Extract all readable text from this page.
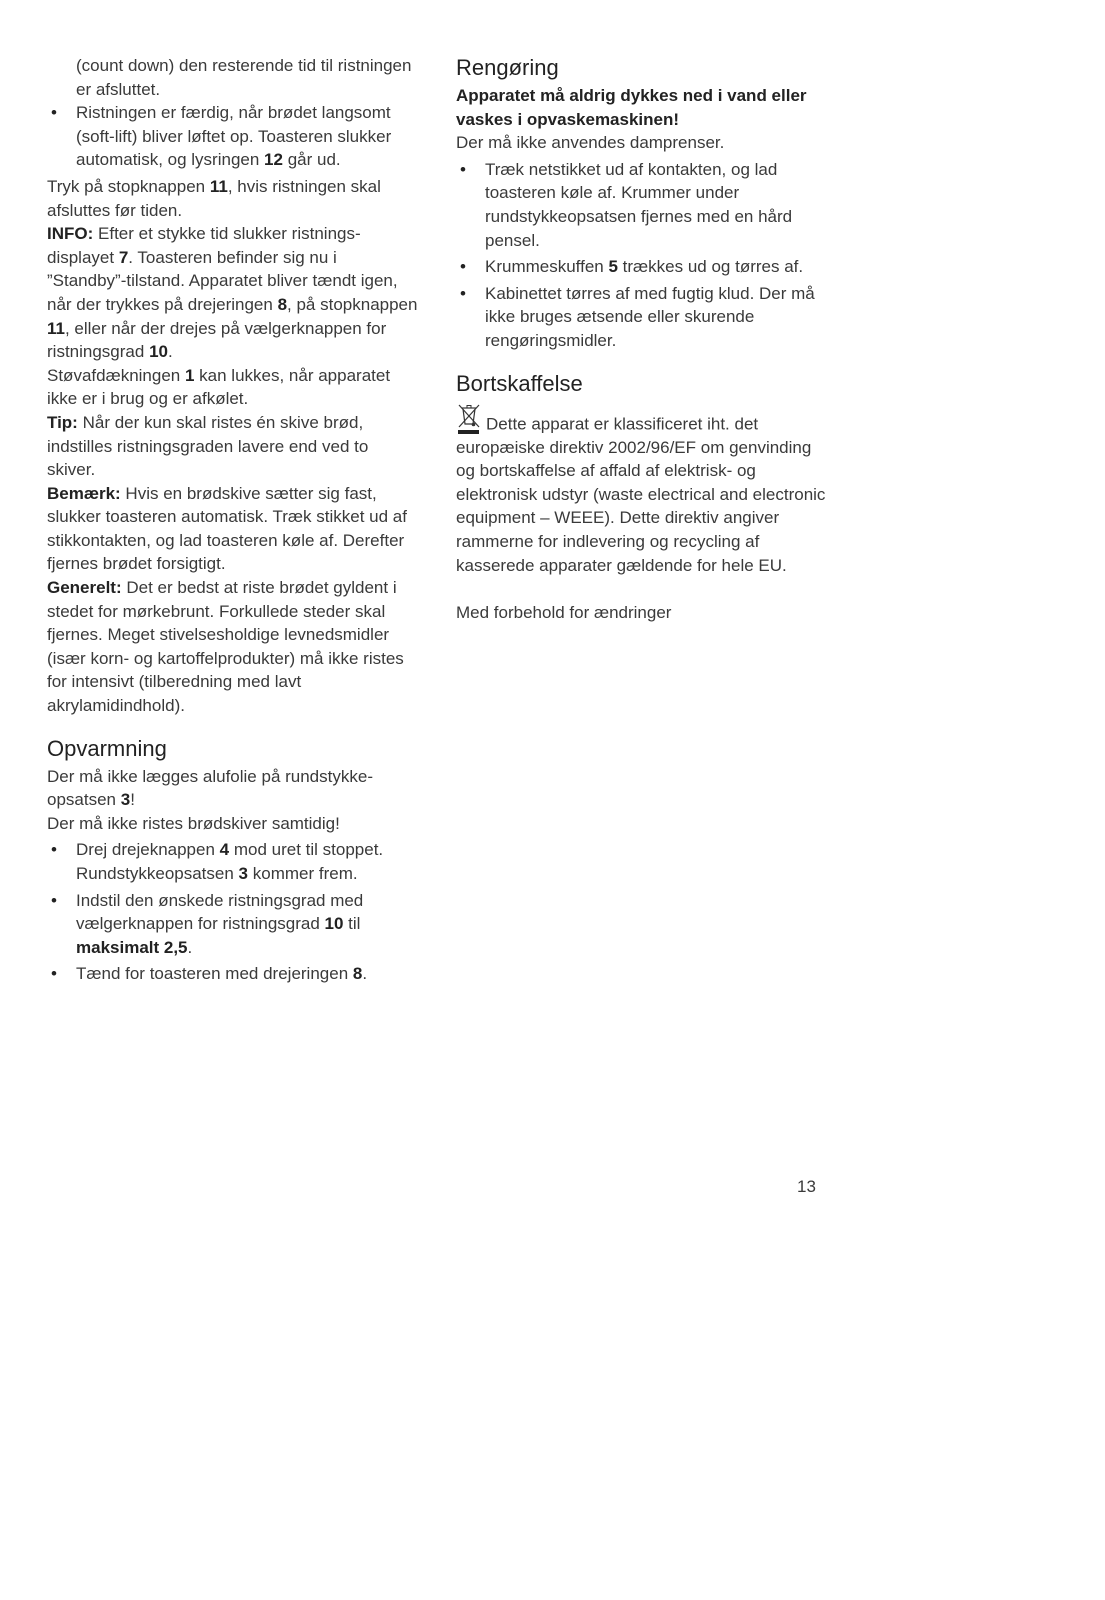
(count down) den resterende tid til ristningen er afsluttet.

• Ristningen er færdig, når brødet langsomt (soft-lift) bliver løftet op. Toasteren slukker automatisk, og lysringen 12 går ud.

Tryk på stopknappen 11, hvis ristningen skal afsluttes før tiden.

INFO: Efter et stykke tid slukker ristnings-displayet 7. Toasteren befinder sig nu i ”Standby”-tilstand. Apparatet bliver tændt igen, når der trykkes på drejeringen 8, på stopknappen 11, eller når der drejes på vælgerknappen for ristningsgrad 10.

Støvafdækningen 1 kan lukkes, når apparatet ikke er i brug og er afkølet.

Tip: Når der kun skal ristes én skive brød, indstilles ristningsgraden lavere end ved to skiver.

Bemærk: Hvis en brødskive sætter sig fast, slukker toasteren automatisk. Træk stikket ud af stikkontakten, og lad toasteren køle af. Derefter fjernes brødet forsigtigt.

Generelt: Det er bedst at riste brødet gyldent i stedet for mørkebrunt. Forkullede steder skal fjernes. Meget stivelsesholdige levnedsmidler (især korn- og kartoffelprodukter) må ikke ristes for intensivt (tilberedning med lavt akrylamidindhold).

Opvarmning

Der må ikke lægges alufolie på rundstykke-opsatsen 3!

Der må ikke ristes brødskiver samtidig!

• Drej drejeknappen 4 mod uret til stoppet. Rundstykkeopsatsen 3 kommer frem.
• Indstil den ønskede ristningsgrad med vælgerknappen for ristningsgrad 10 til maksimalt 2,5.
• Tænd for toasteren med drejeringen 8.
Rengøring

Apparatet må aldrig dykkes ned i vand eller vaskes i opvaskemaskinen!

Der må ikke anvendes damprenser.

• Træk netstikket ud af kontakten, og lad toasteren køle af. Krummer under rundstykkeopsatsen fjernes med en hård pensel.
• Krummeskuffen 5 trækkes ud og tørres af.
• Kabinettet tørres af med fugtig klud. Der må ikke bruges ætsende eller skurende rengøringsmidler.
Bortskaffelse

Dette apparat er klassificeret iht. det europæiske direktiv 2002/96/EF om genvinding og bortskaffelse af affald af elektrisk- og elektronisk udstyr (waste electrical and electronic equipment – WEEE). Dette direktiv angiver rammerne for indlevering og recycling af kasserede apparater gældende for hele EU.

Med forbehold for ændringer

13
